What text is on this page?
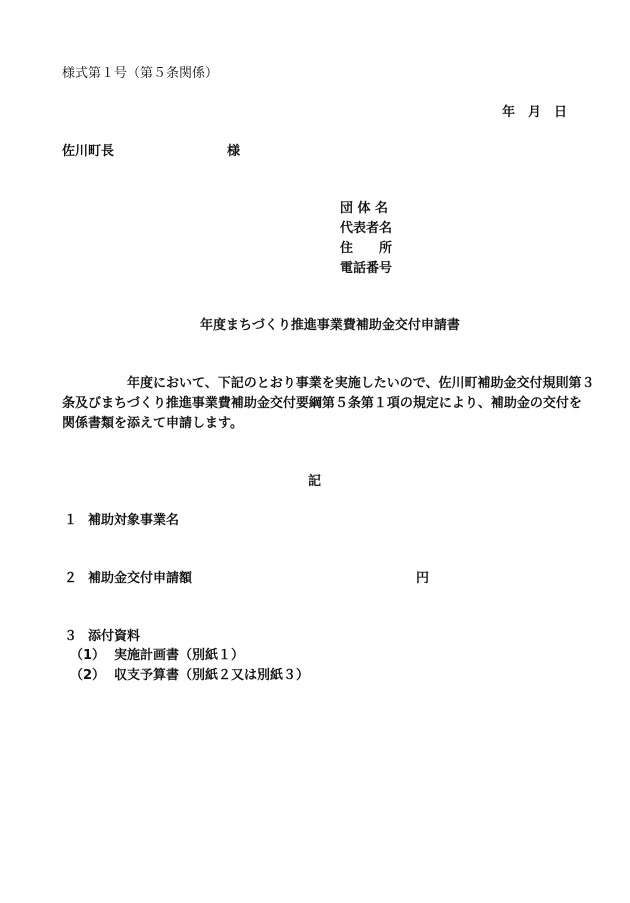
様式第１号（第５条関係）
年　月　日
佐川町長	様
団 体 名
代表者名
住　　所
電話番号
年度まちづくり推進事業費補助金交付申請書
　　　　　年度において、下記のとおり事業を実施したいので、佐川町補助金交付規則第３
条及びまちづくり推進事業費補助金交付要綱第５条第１項の規定により、補助金の交付を
関係書類を添えて申請します。
記
１ 補助対象事業名
２ 補助金交付申請額	円
３ 添付資料
（1） 実施計画書（別紙１）
（2） 収支予算書（別紙２又は別紙３）
